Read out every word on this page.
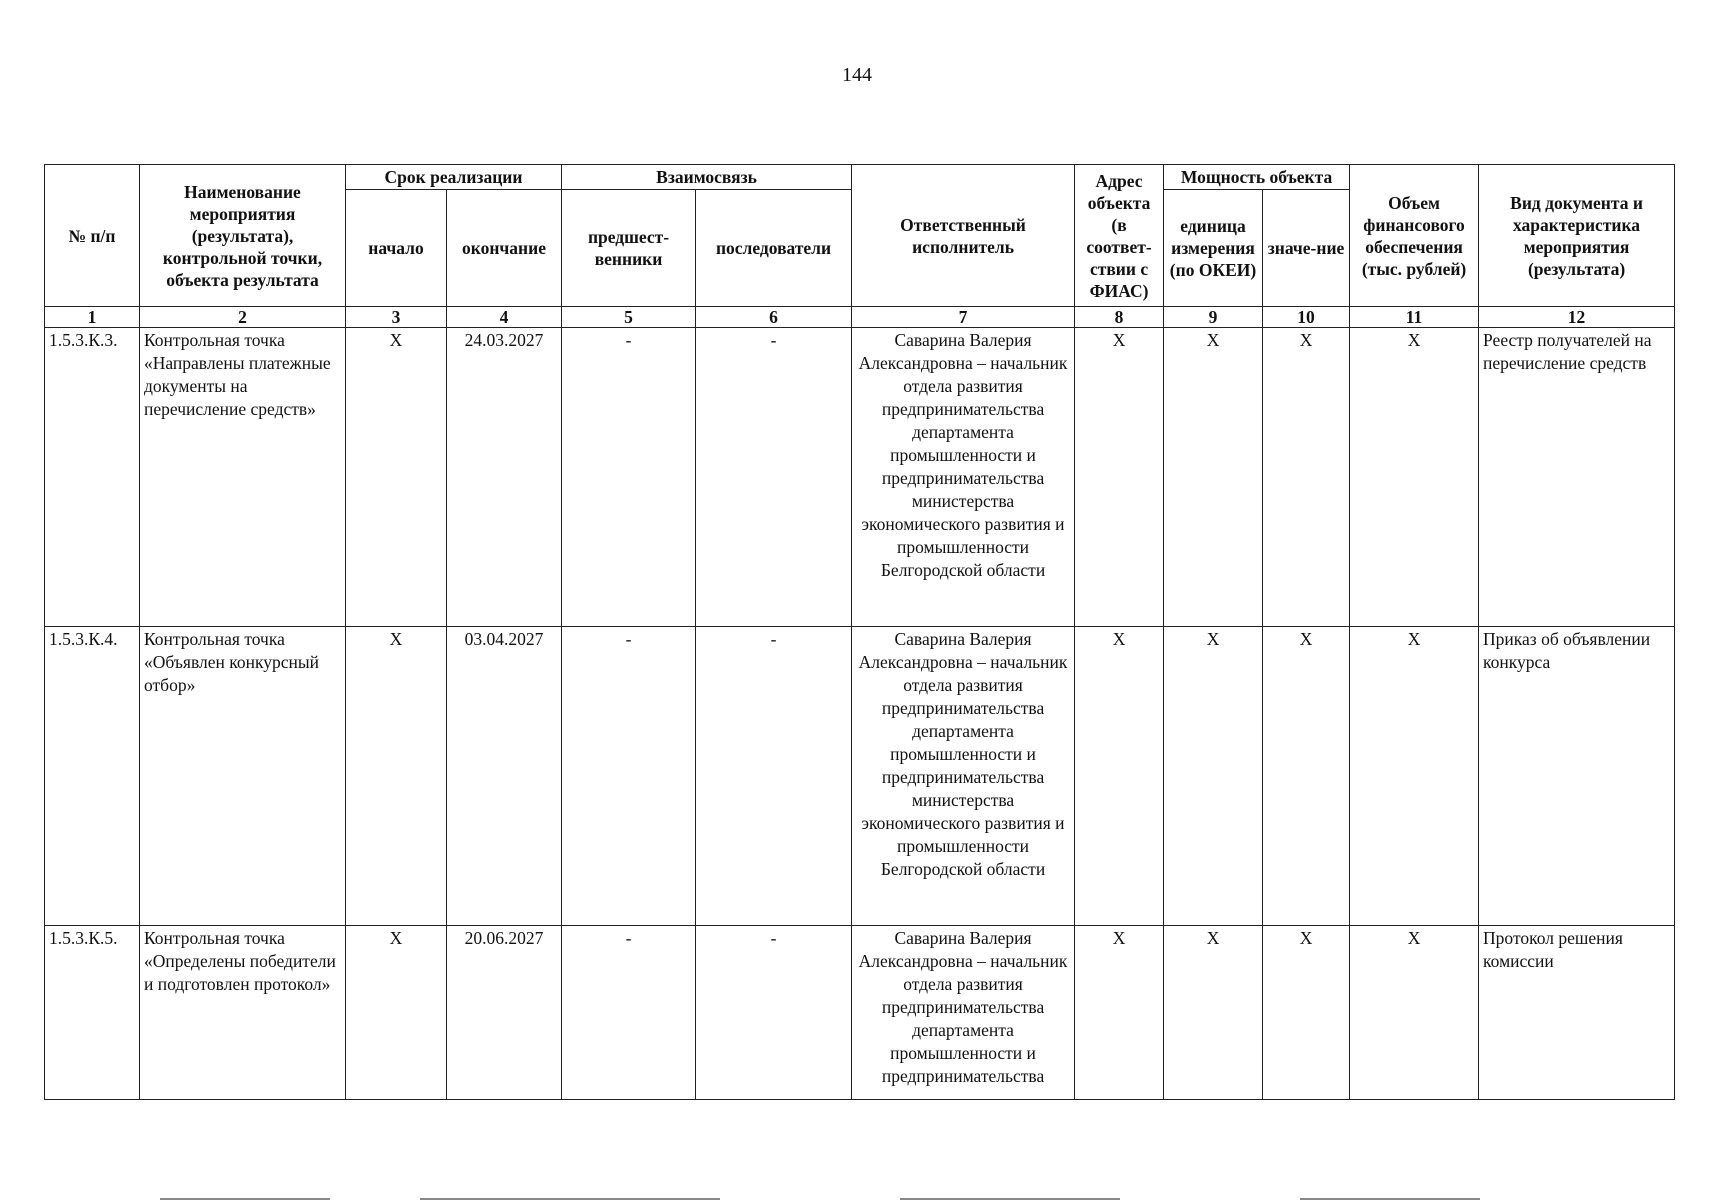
144
№ п/п	Наименование мероприятия (результата), контрольной точки, объекта результата	Срок реализации		Взаимосвязь		Ответственный исполнитель	Адрес объекта (в соответ-ствии с ФИАС)	Мощность объекта		Объем финансового обеспечения (тыс. рублей)	Вид документа и характеристика мероприятия (результата)
		начало	окончание	предшест-венники	последователи			единица измерения (по ОКЕИ)	значе-ние		
1	2	3	4	5	6	7	8	9	10	11	12
1.5.3.К.3.	Контрольная точка «Направлены платежные документы на перечисление средств»	Х	24.03.2027	-	-	Саварина Валерия Александровна – начальник отдела развития предпринимательства департамента промышленности и предпринимательства министерства экономического развития и промышленности Белгородской области	Х	Х	Х	Х	Реестр получателей на перечисление средств
1.5.3.К.4.	Контрольная точка «Объявлен конкурсный отбор»	Х	03.04.2027	-	-	Саварина Валерия Александровна – начальник отдела развития предпринимательства департамента промышленности и предпринимательства министерства экономического развития и промышленности Белгородской области	Х	Х	Х	Х	Приказ об объявлении конкурса
1.5.3.К.5.	Контрольная точка «Определены победители и подготовлен протокол»	Х	20.06.2027	-	-	Саварина Валерия Александровна – начальник отдела развития предпринимательства департамента промышленности и предпринимательства	Х	Х	Х	Х	Протокол решения комиссии
